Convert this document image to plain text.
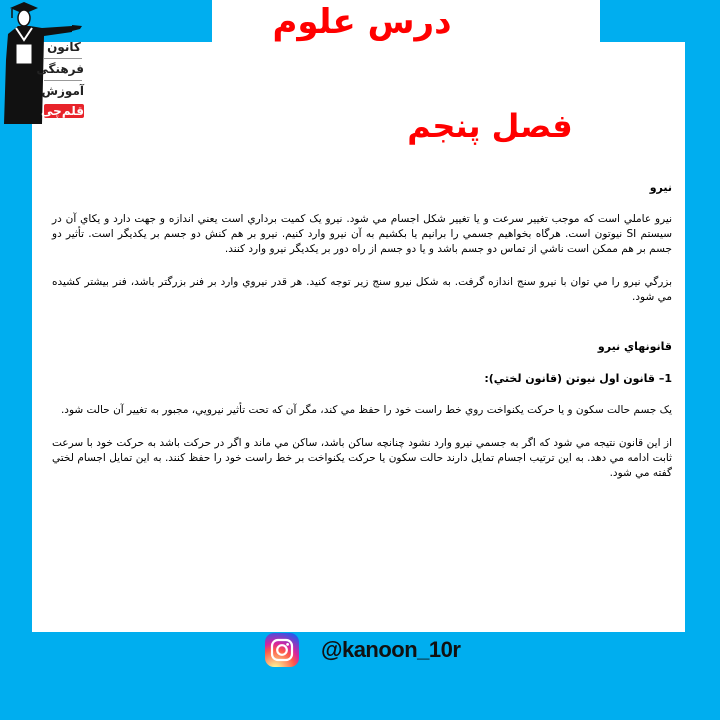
کانون
فرهنگی
آموزش
قلم‌چی
درس علوم
فصل پنجم
نيرو

نيرو عاملي است كه موجب تغيير سرعت و يا تغيير شكل اجسام مي شود. نيرو يک کمیت برداري است يعني اندازه و جهت دارد و يكاي آن در سيستم SI نيوتون است. هرگاه بخواهيم جسمي را برانيم يا بكشيم به آن نيرو وارد كنيم. نيرو بر هم کنش دو جسم بر يكديگر است. تأثير دو جسم بر هم ممكن است ناشي از تماس دو جسم باشد و يا دو جسم از راه دور بر يكديگر نيرو وارد كنند.

بزرگي نيرو را مي توان با نيرو سنج اندازه گرفت. به شكل نيرو سنج زير توجه كنيد. هر قدر نيروي وارد بر فنر بزرگتر باشد، فنر بيشتر كشيده مي شود.

قانونهاي نيرو
1– قانون اول نيوتن (قانون لختي):

يک جسم حالت سكون و يا حركت يكنواخت روي خط راست خود را حفظ مي كند، مگر آن كه تحت تأثير نيرويي، مجبور به تغيير آن حالت شود.

از اين قانون نتيجه مي شود كه اگر به جسمي نيرو وارد نشود چنانچه ساكن باشد، ساكن مي ماند و اگر در حركت باشد به حركت خود با سرعت ثابت ادامه مي دهد. به اين ترتيب اجسام تمايل دارند حالت سكون يا حركت يكنواخت بر خط راست خود را حفظ كنند. به اين تمايل اجسام لختي گفته مي شود.

@kanoon_10r
